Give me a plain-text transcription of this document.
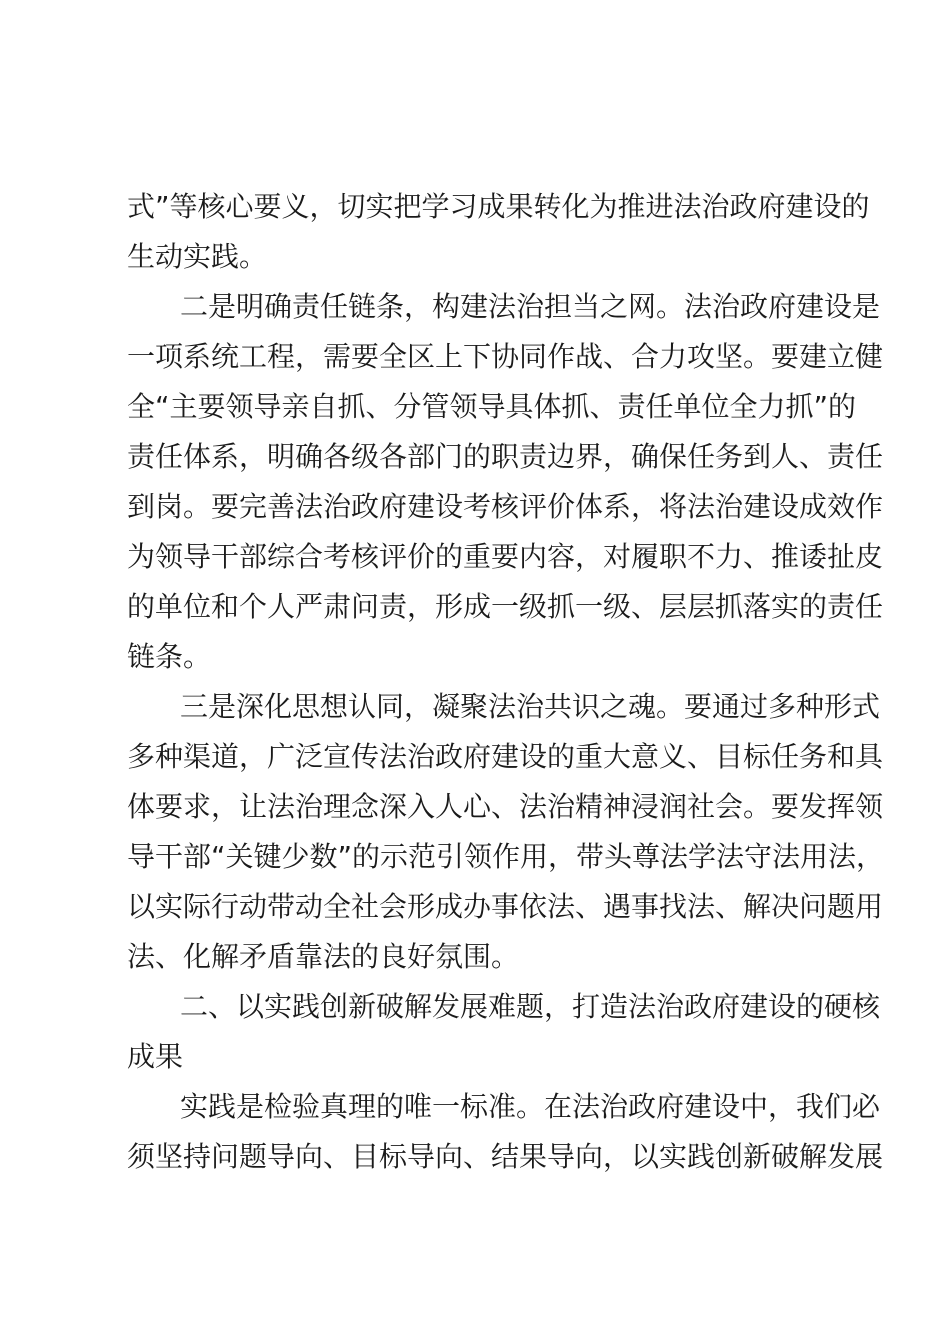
式”等核心要义，切实把学习成果转化为推进法治政府建设的
生动实践。
二是明确责任链条，构建法治担当之网。法治政府建设是
一项系统工程，需要全区上下协同作战、合力攻坚。要建立健
全“主要领导亲自抓、分管领导具体抓、责任单位全力抓”的
责任体系，明确各级各部门的职责边界，确保任务到人、责任
到岗。要完善法治政府建设考核评价体系，将法治建设成效作
为领导干部综合考核评价的重要内容，对履职不力、推诿扯皮
的单位和个人严肃问责，形成一级抓一级、层层抓落实的责任
链条。
三是深化思想认同，凝聚法治共识之魂。要通过多种形式
多种渠道，广泛宣传法治政府建设的重大意义、目标任务和具
体要求，让法治理念深入人心、法治精神浸润社会。要发挥领
导干部“关键少数”的示范引领作用，带头尊法学法守法用法，
以实际行动带动全社会形成办事依法、遇事找法、解决问题用
法、化解矛盾靠法的良好氛围。
二、以实践创新破解发展难题，打造法治政府建设的硬核
成果
实践是检验真理的唯一标准。在法治政府建设中，我们必
须坚持问题导向、目标导向、结果导向，以实践创新破解发展
